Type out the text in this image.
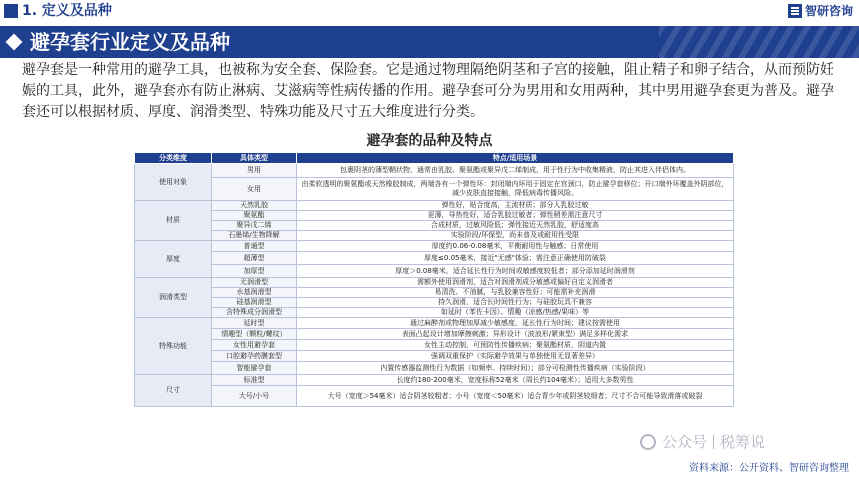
1. 定义及品种	智研咨询
避孕套行业定义及品种
避孕套是一种常用的避孕工具，也被称为安全套、保险套。它是通过物理隔绝阴茎和子宫的接触，阻止精子和卵子结合，从而预防妊娠的工具，此外，避孕套亦有防止淋病、艾滋病等性病传播的作用。避孕套可分为男用和女用两种，其中男用避孕套更为普及。避孕套还可以根据材质、厚度、润滑类型、特殊功能及尺寸五大维度进行分类。
避孕套的品种及特点
分类维度	具体类型	特点/适用场景
使用对象	男用	包裹阴茎的薄型鞘状物，通常由乳胶、聚氨酯或聚异戊二烯制成，用于性行为中收集精液，防止其进入伴侣体内。
	女用	由柔软透明的聚氨酯或天然橡胶制成，两端各有一个弹性环：封闭端内环用于固定在宫颈口，防止避孕套移位；开口端外环覆盖外阴部位，减少皮肤直接接触，降低病毒传播风险。
材质	天然乳胶	弹性好，贴合度高，主流材质；部分人乳胶过敏
	聚氨酯	更薄，导热性好，适合乳胶过敏者；弹性稍差需注意尺寸
	聚异戊二烯	合成材质，过敏风险低；弹性接近天然乳胶，舒适度高
	石墨烯/生物降解	实验阶段/环保型，尚未普及或耐用性受限
厚度	普通型	厚度约0.06-0.08毫米，平衡耐用性与触感；日常使用
	超薄型	厚度≤0.05毫米，接近"无感"体验；需注意正确使用防破裂
	加厚型	厚度＞0.08毫米，适合延长性行为时间或敏感度较低者；部分添加延时润滑剂
润滑类型	无润滑型	需额外使用润滑剂，适合对润滑剂成分敏感或偏好自定义润滑者
	水基润滑型	易清洗、不油腻，与乳胶兼容性好；可能需补充润滑
	硅基润滑型	持久润滑，适合长时间性行为；与硅胶玩具不兼容
	含特殊成分润滑型	如延时（苯佐卡因）、情趣（凉感/热感/果味）等
特殊功能	延时型	通过麻醉剂或物理加厚减少敏感度，延长性行为时间；建议按需使用
	情趣型（颗粒/螺纹）	表面凸起设计增加摩擦刺激；异形设计（波浪形/紧束型）满足多样化需求
	女性用避孕套	女性主动控制，可预防性传播疾病；聚氨酯材质，阴道内置
	口腔避孕药膜套型	强调双重保护（实际避孕效果与单独使用无显著差异）
	智能避孕套	内置传感器监测性行为数据（如频率、持续时间）；部分可检测性传播疾病（实验阶段）
尺寸	标准型	长度约180-200毫米，宽度标称52毫米（周长约104毫米）；适用大多数男性
	大号/小号	大号（宽度＞54毫米）适合阴茎较粗者；小号（宽度＜50毫米）适合青少年或阴茎较细者；尺寸不合可能导致滑落或破裂
公众号 税筹说
资料来源：公开资料、智研咨询整理
